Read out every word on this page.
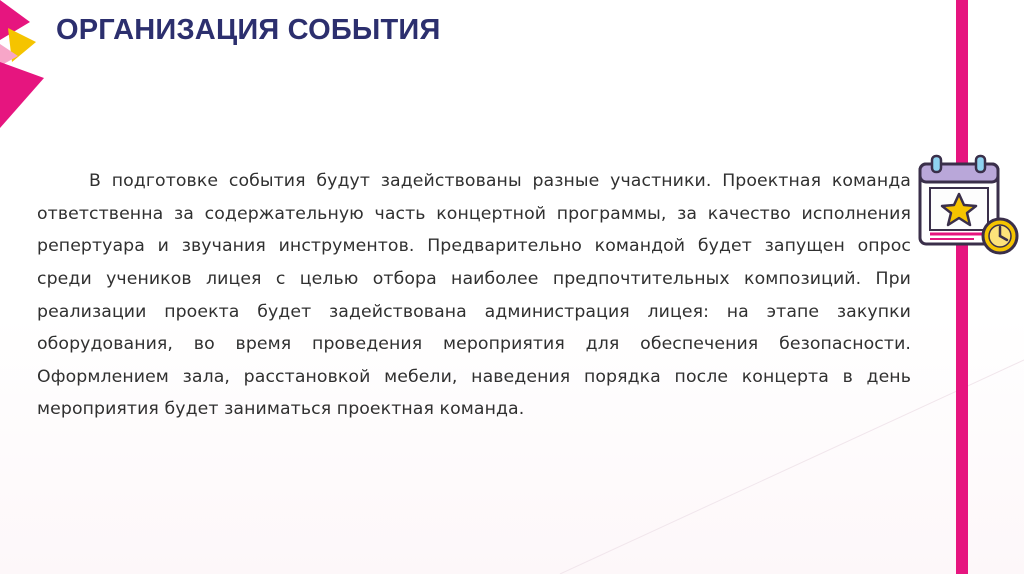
ОРГАНИЗАЦИЯ СОБЫТИЯ

В подготовке события будут задействованы разные участники. Проектная команда ответственна за содержательную часть концертной программы, за качество исполнения репертуара и звучания инструментов. Предварительно командой будет запущен опрос среди учеников лицея с целью отбора наиболее предпочтительных композиций. При реализации проекта будет задействована администрация лицея: на этапе закупки оборудования, во время проведения мероприятия для обеспечения безопасности. Оформлением зала, расстановкой мебели, наведения порядка после концерта в день мероприятия будет заниматься проектная команда.
